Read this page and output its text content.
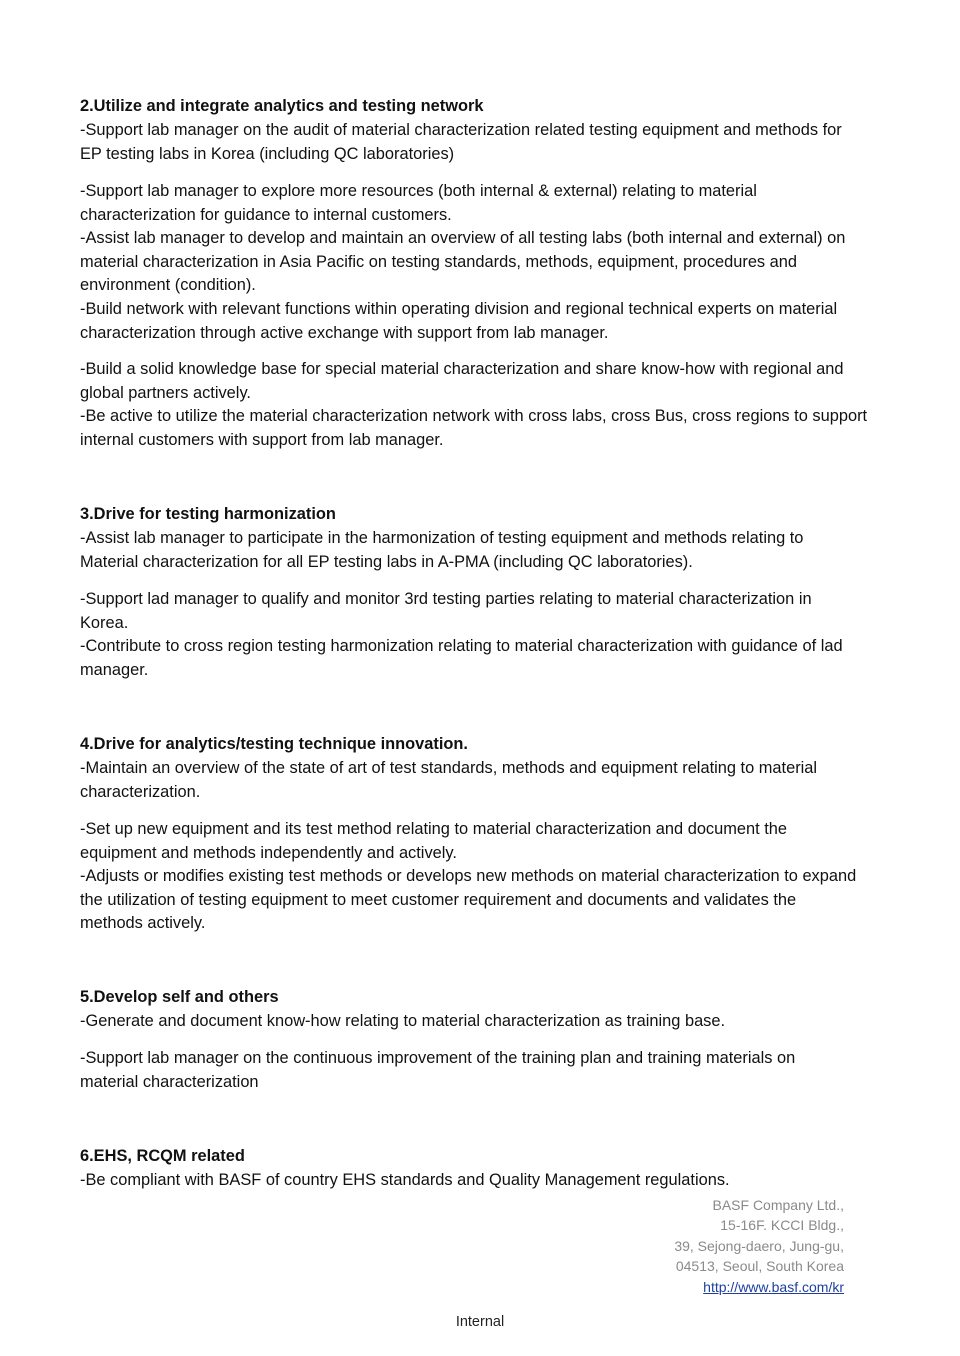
2.Utilize and integrate analytics and testing network
-Support lab manager on the audit of material characterization related testing equipment and methods for
EP testing labs in Korea (including QC laboratories)
-Support lab manager to explore more resources (both internal & external) relating to material
characterization for guidance to internal customers.
-Assist lab manager to develop and maintain an overview of all testing labs (both internal and external) on
material characterization in Asia Pacific on testing standards, methods, equipment, procedures and
environment (condition).
-Build network with relevant functions within operating division and regional technical experts on material
characterization through active exchange with support from lab manager.
-Build a solid knowledge base for special material characterization and share know-how with regional and
global partners actively.
-Be active to utilize the material characterization network with cross labs, cross Bus, cross regions to support
internal customers with support from lab manager.
3.Drive for testing harmonization
-Assist lab manager to participate in the harmonization of testing equipment and methods relating to
Material characterization for all EP testing labs in A-PMA (including QC laboratories).
-Support lad manager to qualify and monitor 3rd testing parties relating to material characterization in
Korea.
-Contribute to cross region testing harmonization relating to material characterization with guidance of lad
manager.
4.Drive for analytics/testing technique innovation.
-Maintain an overview of the state of art of test standards, methods and equipment relating to material
characterization.
-Set up new equipment and its test method relating to material characterization and document the
equipment and methods independently and actively.
-Adjusts or modifies existing test methods or develops new methods on material characterization to expand
the utilization of testing equipment to meet customer requirement and documents and validates the
methods actively.
5.Develop self and others
-Generate and document know-how relating to material characterization as training base.
-Support lab manager on the continuous improvement of the training plan and training materials on
material characterization
6.EHS, RCQM related
-Be compliant with BASF of country EHS standards and Quality Management regulations.
BASF Company Ltd.,
15-16F. KCCI Bldg.,
39, Sejong-daero, Jung-gu,
04513, Seoul, South Korea
http://www.basf.com/kr
Internal
